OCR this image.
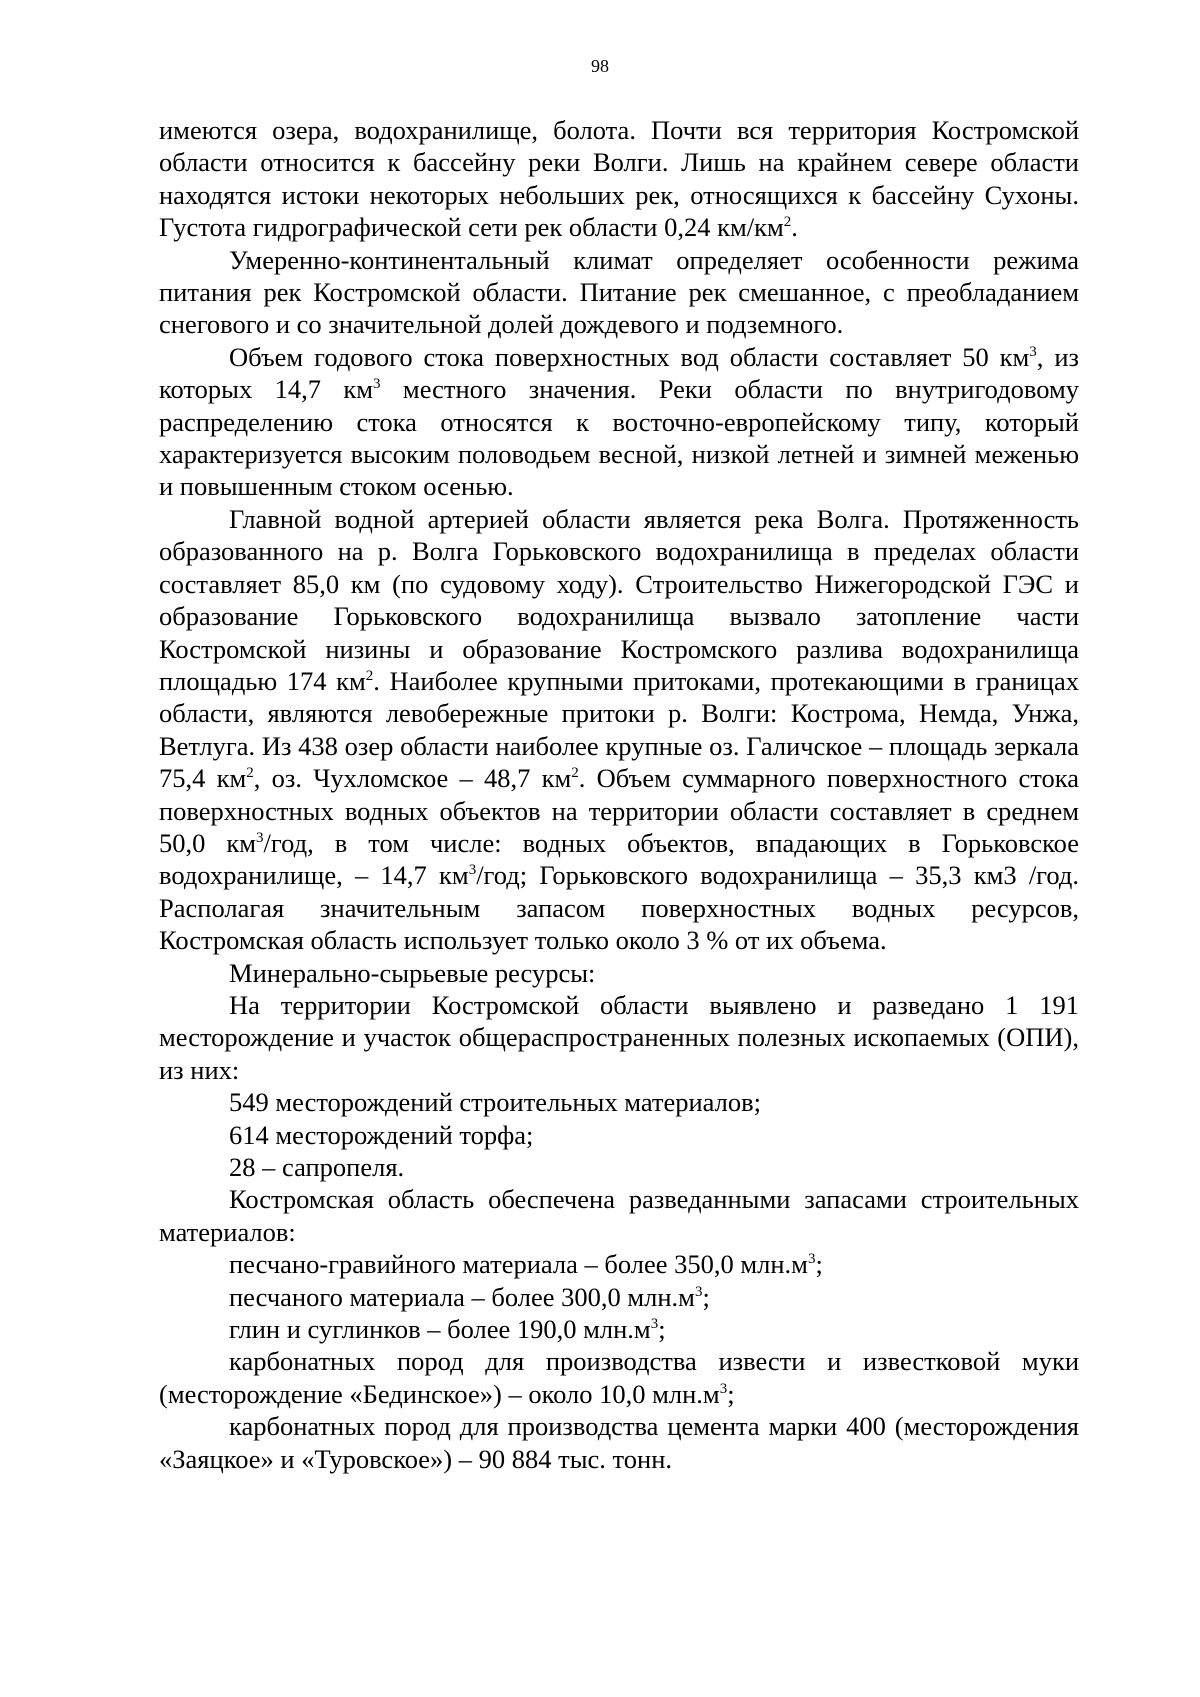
98

имеются озера, водохранилище, болота. Почти вся территория Костромской области относится к бассейну реки Волги. Лишь на крайнем севере области находятся истоки некоторых небольших рек, относящихся к бассейну Сухоны. Густота гидрографической сети рек области 0,24 $км/км^2$.

Умеренно-континентальный климат определяет особенности режима питания рек Костромской области. Питание рек смешанное, с преобладанием снегового и со значительной долей дождевого и подземного.

Объем годового стока поверхностных вод области составляет 50 $км^3$, из которых 14,7 $км^3$ местного значения. Реки области по внутригодовому распределению стока относятся к восточно-европейскому типу, который характеризуется высоким половодьем весной, низкой летней и зимней меженью и повышенным стоком осенью.

Главной водной артерией области является река Волга. Протяженность образованного на р. Волга Горьковского водохранилища в пределах области составляет 85,0 км (по судовому ходу). Строительство Нижегородской ГЭС и образование Горьковского водохранилища вызвало затопление части Костромской низины и образование Костромского разлива водохранилища площадью 174 $км^2$. Наиболее крупными притоками, протекающими в границах области, являются левобережные притоки р. Волги: Кострома, Немда, Унжа, Ветлуга. Из 438 озер области наиболее крупные оз. Галичское – площадь зеркала 75,4 $км^2$, оз. Чухломское – 48,7 $км^2$. Объем суммарного поверхностного стока поверхностных водных объектов на территории области составляет в среднем 50,0 $км^3$/год, в том числе: водных объектов, впадающих в Горьковское водохранилище, – 14,7 $км^3$/год; Горьковского водохранилища – 35,3 км3 /год. Располагая значительным запасом поверхностных водных ресурсов, Костромская область использует только около 3 % от их объема.

Минерально-сырьевые ресурсы:

На территории Костромской области выявлено и разведано 1 191 месторождение и участок общераспространенных полезных ископаемых (ОПИ), из них:

549 месторождений строительных материалов;

614 месторождений торфа;

28 – сапропеля.

Костромская область обеспечена разведанными запасами строительных материалов:

песчано-гравийного материала – более 350,0 $млн.м^3$;

песчаного материала – более 300,0 $млн.м^3$;

глин и суглинков – более 190,0 $млн.м^3$;

карбонатных пород для производства извести и известковой муки (месторождение «Бединское») – около 10,0 $млн.м^3$;

карбонатных пород для производства цемента марки 400 (месторождения «Заяцкое» и «Туровское») – 90 884 тыс. тонн.
